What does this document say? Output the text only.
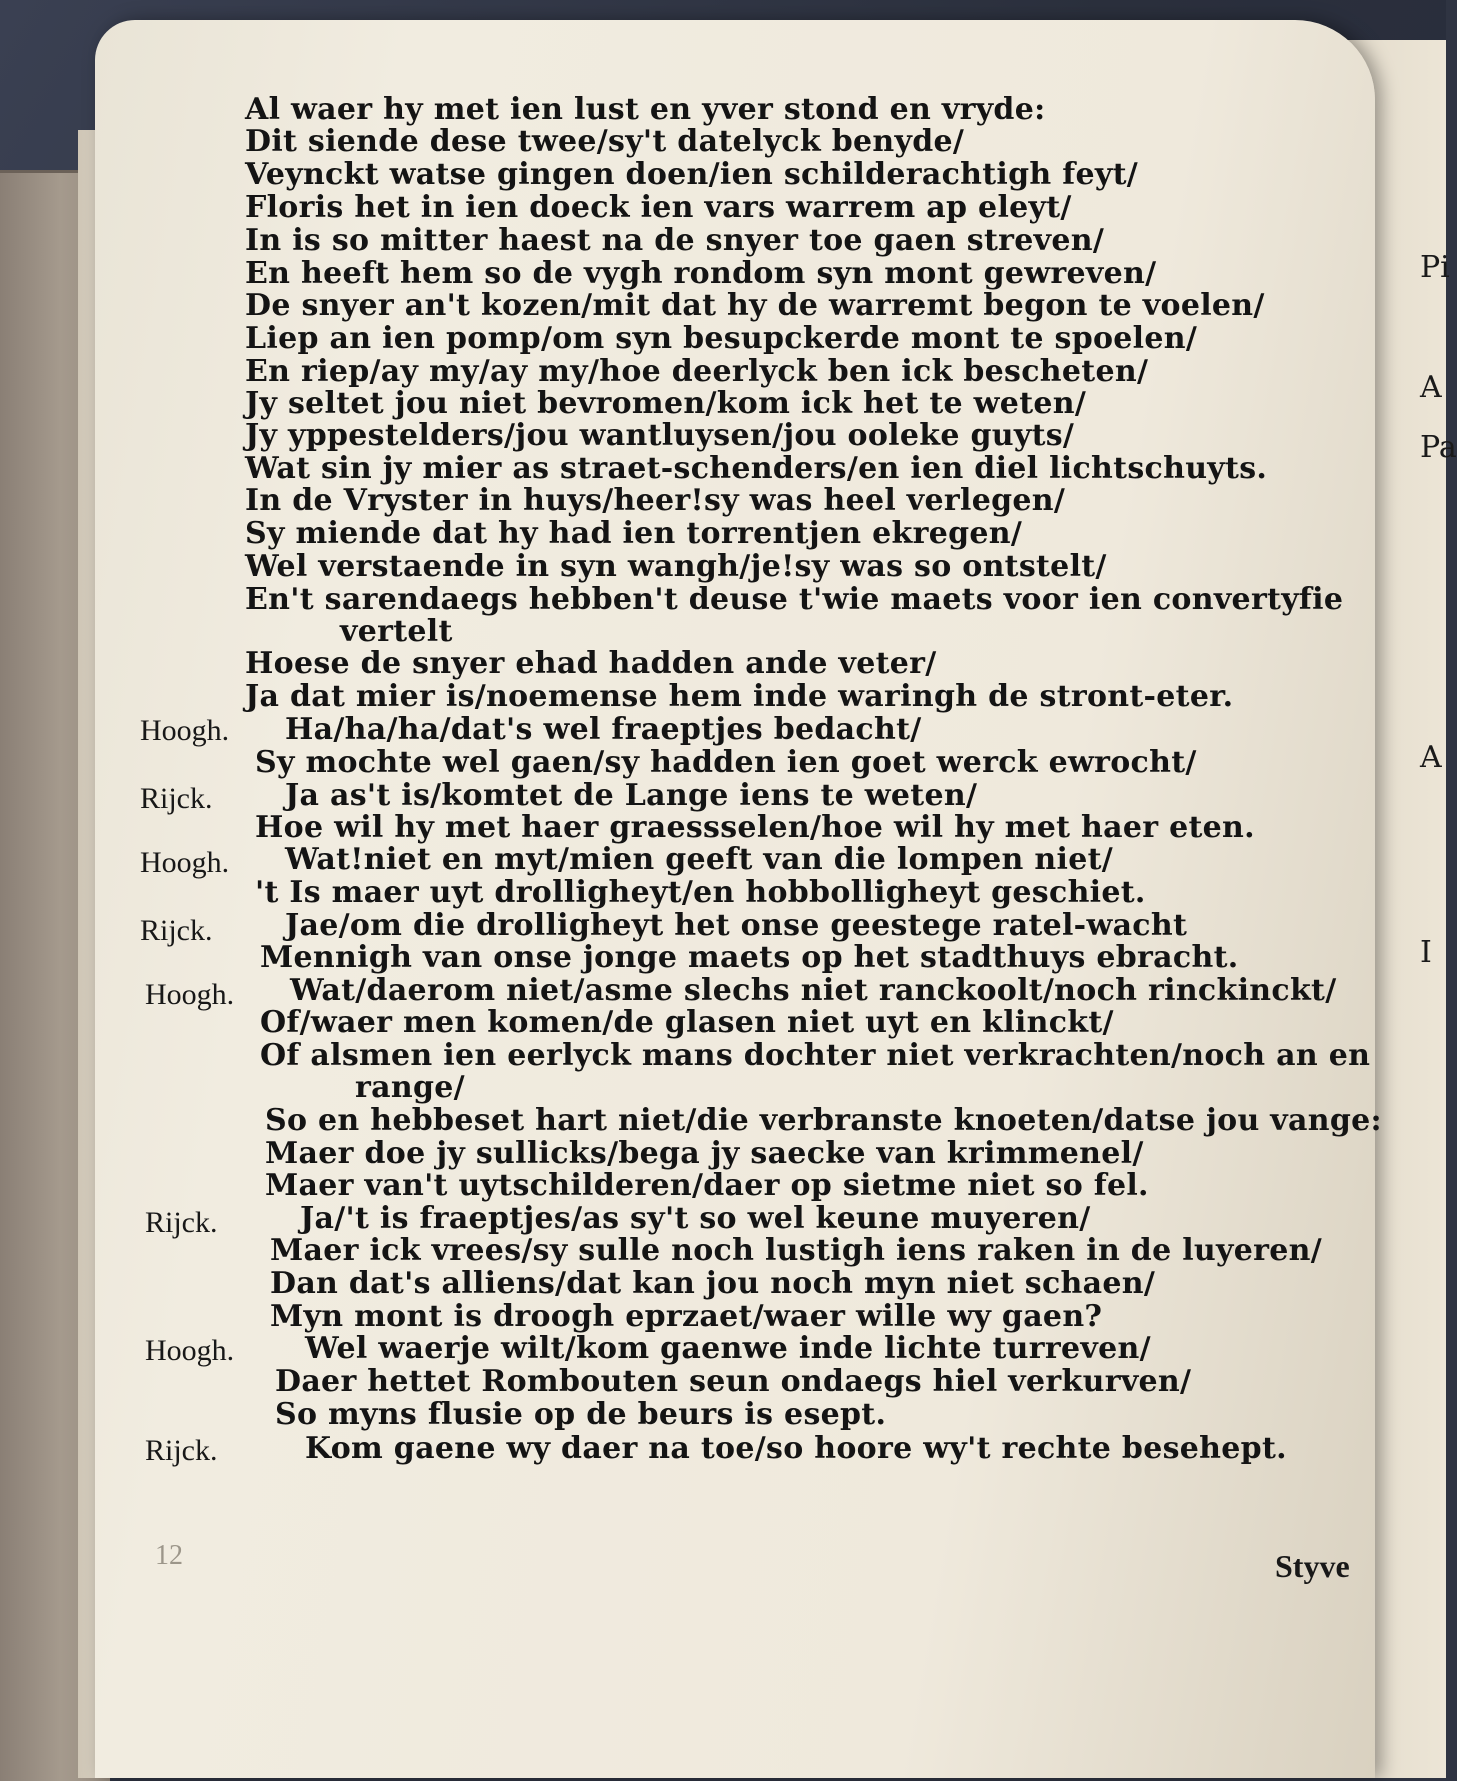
Pi
A
Pa
A
I
Al waer hy met ien lust en yver stond en vryde:
Dit siende dese twee/sy't datelyck benyde/
Veynckt watse gingen doen/ien schilderachtigh feyt/
Floris het in ien doeck ien vars warrem ap eleyt/
In is so mitter haest na de snyer toe gaen streven/
En heeft hem so de vygh rondom syn mont gewreven/
De snyer an't kozen/mit dat hy de warremt begon te voelen/
Liep an ien pomp/om syn besupckerde mont te spoelen/
En riep/ay my/ay my/hoe deerlyck ben ick bescheten/
Jy seltet jou niet bevromen/kom ick het te weten/
Jy yppestelders/jou wantluysen/jou ooleke guyts/
Wat sin jy mier as straet-schenders/en ien diel lichtschuyts.
In de Vryster in huys/heer!sy was heel verlegen/
Sy miende dat hy had ien torrentjen ekregen/
Wel verstaende in syn wangh/je!sy was so ontstelt/
En't sarendaegs hebben't deuse t'wie maets voor ien convertyfie
vertelt
Hoese de snyer ehad hadden ande veter/
Ja dat mier is/noemense hem inde waringh de stront-eter.
Hoogh. Ha/ha/ha/dat's wel fraeptjes bedacht/
Sy mochte wel gaen/sy hadden ien goet werck ewrocht/
Rijck. Ja as't is/komtet de Lange iens te weten/
Hoe wil hy met haer graessselen/hoe wil hy met haer eten.
Hoogh. Wat!niet en myt/mien geeft van die lompen niet/
't Is maer uyt drolligheyt/en hobbolligheyt geschiet.
Rijck. Jae/om die drolligheyt het onse geestege ratel-wacht
Mennigh van onse jonge maets op het stadthuys ebracht.
Hoogh. Wat/daerom niet/asme slechs niet ranckoolt/noch rinckinckt/
Of/waer men komen/de glasen niet uyt en klinckt/
Of alsmen ien eerlyck mans dochter niet verkrachten/noch an en
range/
So en hebbeset hart niet/die verbranste knoeten/datse jou vange:
Maer doe jy sullicks/bega jy saecke van krimmenel/
Maer van't uytschilderen/daer op sietme niet so fel.
Rijck.	Ja/'t is fraeptjes/as sy't so wel keune muyeren/
Maer ick vrees/sy sulle noch lustigh iens raken in de luyeren/
Dan dat's alliens/dat kan jou noch myn niet schaen/
Myn mont is droogh eprzaet/waer wille wy gaen?
Hoogh. Wel waerje wilt/kom gaenwe inde lichte turreven/
Daer hettet Rombouten seun ondaegs hiel verkurven/
So myns flusie op de beurs is esept.
Rijck.	Kom gaene wy daer na toe/so hoore wy't rechte besehept.
12	Styve
